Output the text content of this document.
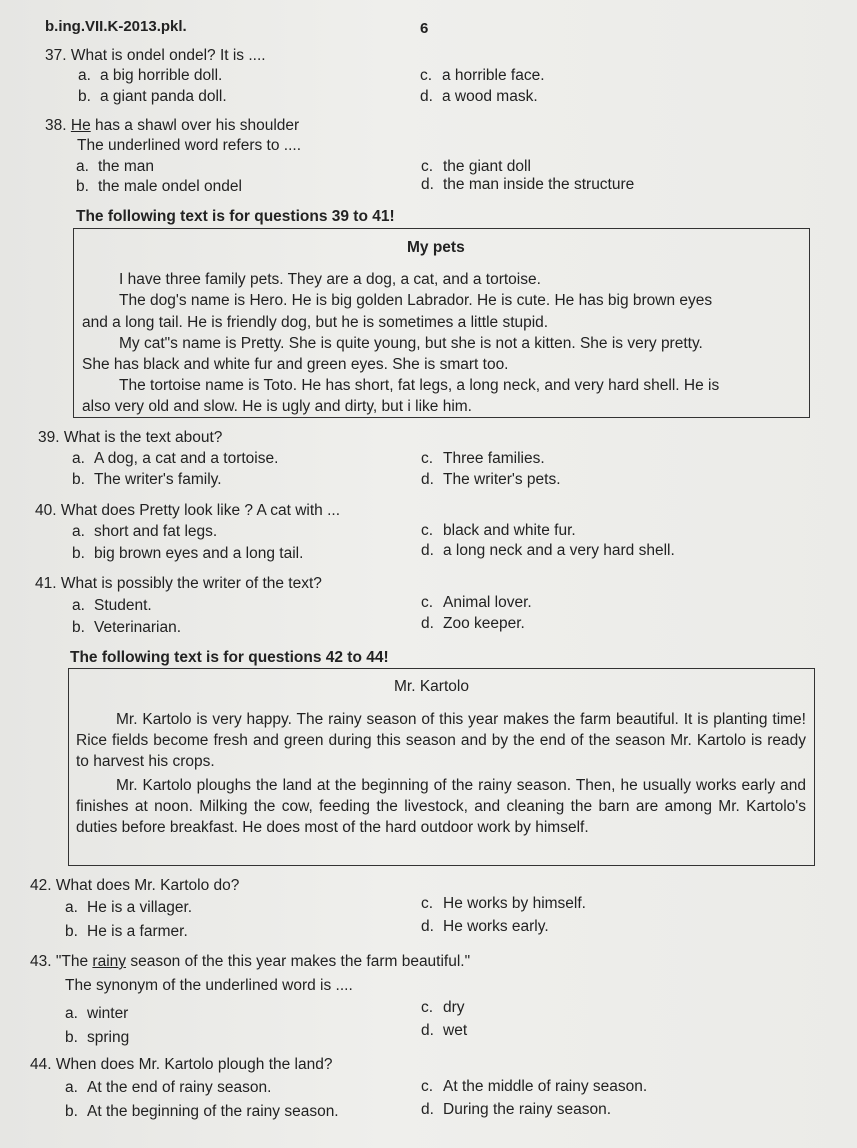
b.ing.VII.K-2013.pkl.	6
37. What is ondel ondel? It is ....
a. a big horrible doll.
b. a giant panda doll.
c. a horrible face.
d. a wood mask.
38. He has a shawl over his shoulder
The underlined word refers to ....
a. the man
b. the male ondel ondel
c. the giant doll
d. the man inside the structure
The following text is for questions 39 to 41!
My pets
I have three family pets. They are a dog, a cat, and a tortoise.
The dog's name is Hero. He is big golden Labrador. He is cute. He has big brown eyes
and a long tail. He is friendly dog, but he is sometimes a little stupid.
My cat"s name is Pretty. She is quite young, but she is not a kitten. She is very pretty.
She has black and white fur and green eyes. She is smart too.
The tortoise name is Toto. He has short, fat legs, a long neck, and very hard shell. He is
also very old and slow. He is ugly and dirty, but i like him.
39. What is the text about?
a. A dog, a cat and a tortoise.
b. The writer's family.
c. Three families.
d. The writer's pets.
40. What does Pretty look like ? A cat with ...
a. short and fat legs.
b. big brown eyes and a long tail.
c. black and white fur.
d. a long neck and a very hard shell.
41. What is possibly the writer of the text?
a. Student.
b. Veterinarian.
c. Animal lover.
d. Zoo keeper.
The following text is for questions 42 to 44!
Mr. Kartolo
Mr. Kartolo is very happy. The rainy season of this year makes the farm beautiful. It is planting time! Rice fields become fresh and green during this season and by the end of the season Mr. Kartolo is ready to harvest his crops.
Mr. Kartolo ploughs the land at the beginning of the rainy season. Then, he usually works early and finishes at noon. Milking the cow, feeding the livestock, and cleaning the barn are among Mr. Kartolo's duties before breakfast. He does most of the hard outdoor work by himself.
42. What does Mr. Kartolo do?
a. He is a villager.
b. He is a farmer.
c. He works by himself.
d. He works early.
43. "The rainy season of the this year makes the farm beautiful."
The synonym of the underlined word is ....
a. winter
b. spring
c. dry
d. wet
44. When does Mr. Kartolo plough the land?
a. At the end of rainy season.
b. At the beginning of the rainy season.
c. At the middle of rainy season.
d. During the rainy season.
